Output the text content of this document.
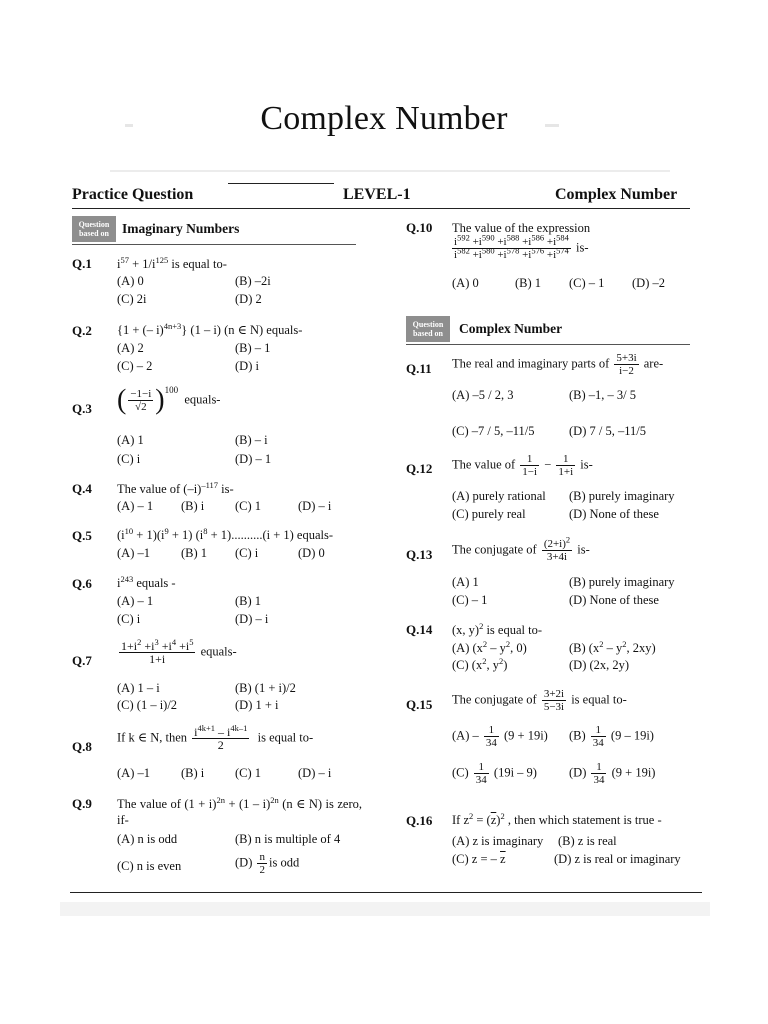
Complex Number
Practice Question	LEVEL-1	Complex Number
Question
based on Imaginary Numbers
Q.1 $i^{57} + 1/i^{125}$ is equal to-
(A) 0	(B) –2i
(C) 2i	(D) 2
Q.2 {1 + (– i)$^{4n+3}$} (1 – i) (n ∈ N) equals-
(A) 2	(B) – 1
(C) – 2	(D) i
Q.3 ( $\frac{-1-i}{√2} )^{100}$  equals-
(A) 1	(B) – i
(C) i	(D) – 1
Q.4 The value of $(-i)^{-117}$ is-
(A) – 1 (B) i (C) 1	(D) – i
Q.5 $(i^{10} + 1)(i^9 + 1) (i^8 + 1)..........(i + 1)$ equals-
(A) –1 (B) 1 (C) i	(D) 0
Q.6 $i^{243}$ equals -
(A) – 1	(B) 1
(C) i	(D) – i
$Q.7 \frac{1+i^2 +i^3 +i^4 +i^5}{1+i}$ equals-
(A) 1 – i	(B) (1 + i)/2
(C) (1 – i)/2	(D) 1 + i
Q.8
If k ∈ N, then $\frac{i^{4k+1} - i^{4k-1}}{2}$ is equal to-
(A) –1 (B) i (C) 1	(D) – i
Q.9 The value of $(1 + i)^{2n} + (1 - i)^{2n}$ (n ∈ N) is zero, if-
(A) n is odd	(B) n is multiple of 4
(C) n is even	$(D) \frac{n}{2}$ is odd
Q.10 The value of the expression
$\frac{i^{592} +i^{590} +i^{588} +i^{586} +i^{584}}{i^{582} +i^{580} +i^{578} +i^{576} +i^{574}} is-$
(A) 0	(B) 1 (C) – 1 (D) –2
Question
based on	Complex Number
Q.11 The real and imaginary parts of $\frac{5+3i}{i-2} are-$
(A) –5 / 2, 3	(B) –1, – 3/ 5
(C) –7 / 5, –11/5	(D) 7 / 5, –11/5
Q.12 The value of $\frac{1}{1-i} - \frac{1}{1+i} is-$
(A) purely rational (B) purely imaginary
(C) purely real	(D) None of these
Q.13 The conjugate of $\frac{(2+i)^2}{3+4i} is-$
(A) 1	(B) purely imaginary
(C) – 1	(D) None of these
Q.14 (x, y)$^2$ is equal to-
(A) ($x^2 - y^2$, 0)	(B) ($x^2 - y^2$, 2xy)
(C) ($x^2$, $y^2$)	(D) (2x, 2y)
Q.15 The conjugate of $\frac{3+2i}{5-3i}$ is equal to-
$(A) - \frac{1}{34} (9 + 19i)$ $(B) \frac{1}{34} (9 - 19i)$
$(C) \frac{1}{34} (19i - 9)$	$(D) \frac{1}{34} (9 + 19i)$
Q.16 If $z^2 = (\overline{z})^2$ , then which statement is true -
(A) z is imaginary (B) z is real
(C) z = – $\overline{z}$	(D) z is real or imaginary
